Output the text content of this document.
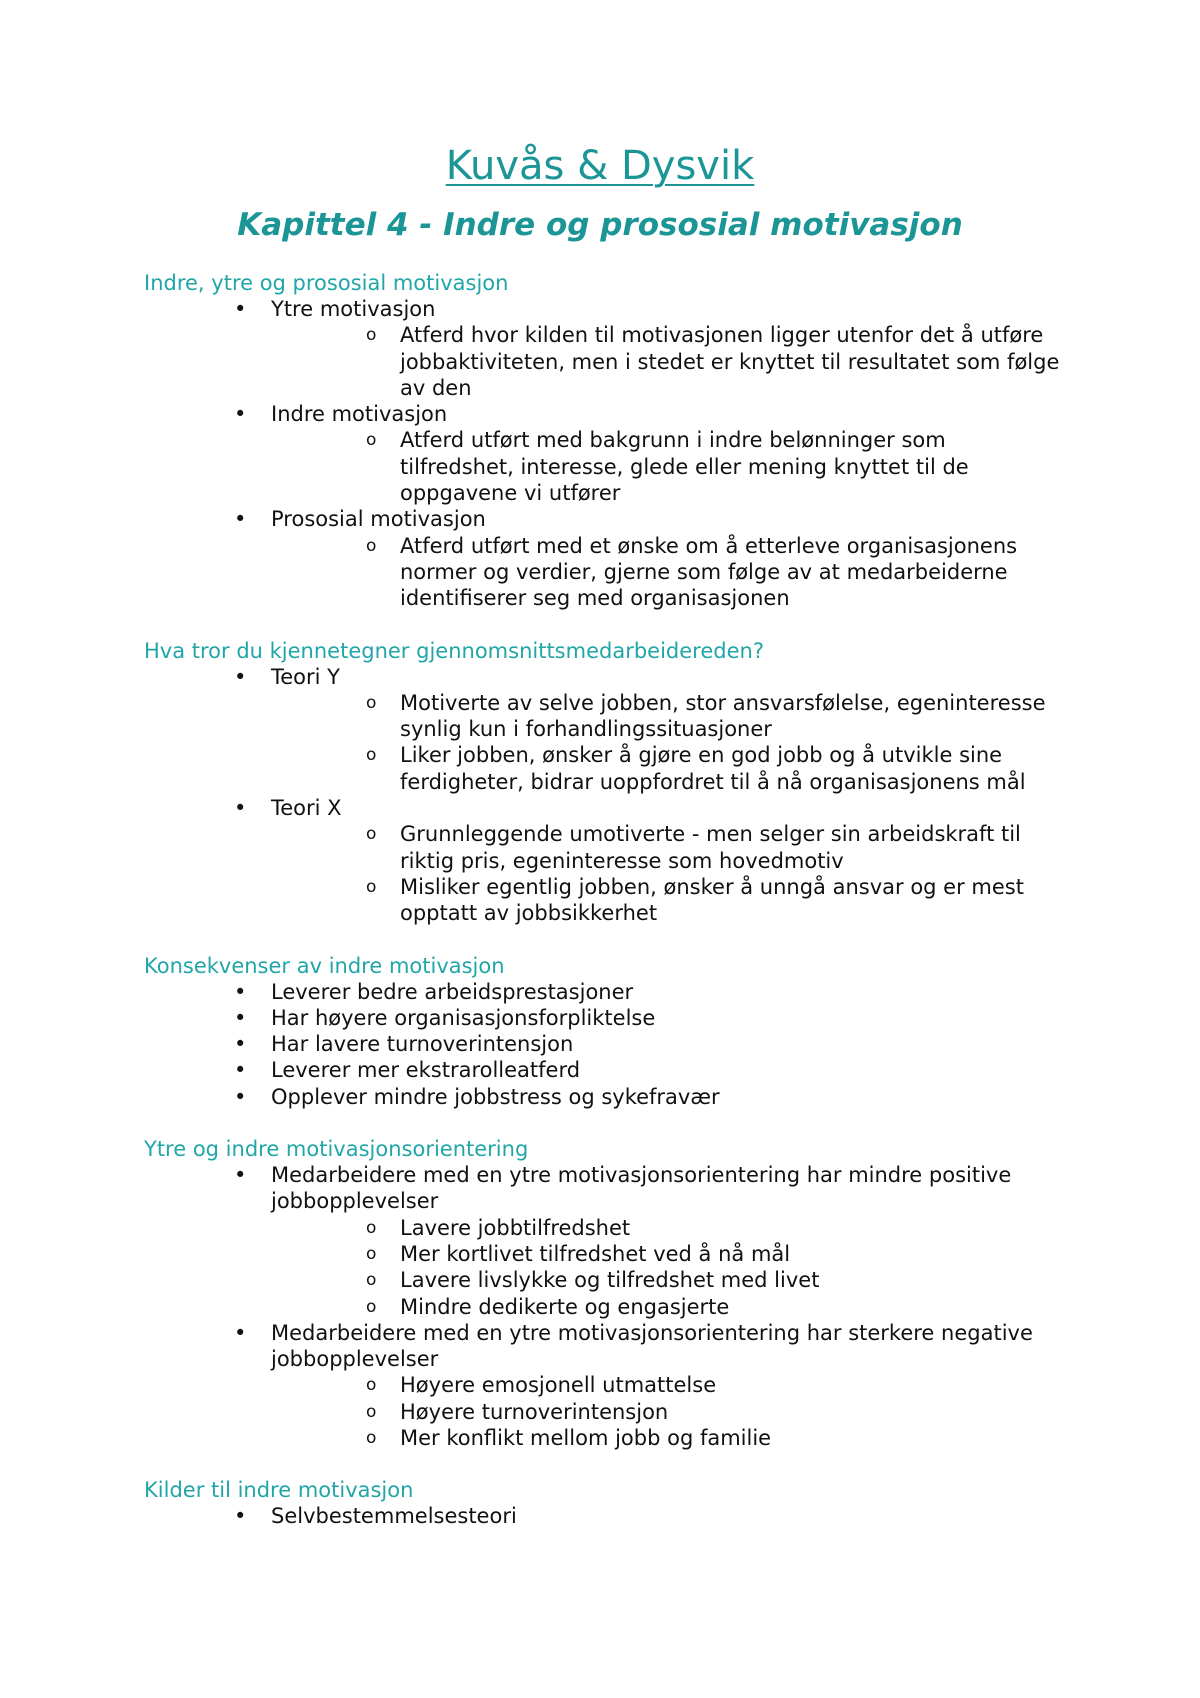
Kuvås & Dysvik
Kapittel 4 - Indre og prososial motivasjon
Indre, ytre og prososial motivasjon
• Ytre motivasjon
o Atferd hvor kilden til motivasjonen ligger utenfor det å utføre jobbaktiviteten, men i stedet er knyttet til resultatet som følge av den
• Indre motivasjon
o Atferd utført med bakgrunn i indre belønninger som tilfredshet, interesse, glede eller mening knyttet til de oppgavene vi utfører
• Prososial motivasjon
o Atferd utført med et ønske om å etterleve organisasjonens normer og verdier, gjerne som følge av at medarbeiderne identifiserer seg med organisasjonen
Hva tror du kjennetegner gjennomsnittsmedarbeidereden?
• Teori Y
o Motiverte av selve jobben, stor ansvarsfølelse, egeninteresse synlig kun i forhandlingssituasjoner
o Liker jobben, ønsker å gjøre en god jobb og å utvikle sine ferdigheter, bidrar uoppfordret til å nå organisasjonens mål
• Teori X
o Grunnleggende umotiverte - men selger sin arbeidskraft til riktig pris, egeninteresse som hovedmotiv
o Misliker egentlig jobben, ønsker å unngå ansvar og er mest opptatt av jobbsikkerhet
Konsekvenser av indre motivasjon
• Leverer bedre arbeidsprestasjoner
• Har høyere organisasjonsforpliktelse
• Har lavere turnoverintensjon
• Leverer mer ekstrarolleatferd
• Opplever mindre jobbstress og sykefravær
Ytre og indre motivasjonsorientering
• Medarbeidere med en ytre motivasjonsorientering har mindre positive jobbopplevelser
o Lavere jobbtilfredshet
o Mer kortlivet tilfredshet ved å nå mål
o Lavere livslykke og tilfredshet med livet
o Mindre dedikerte og engasjerte
• Medarbeidere med en ytre motivasjonsorientering har sterkere negative jobbopplevelser
o Høyere emosjonell utmattelse
o Høyere turnoverintensjon
o Mer konflikt mellom jobb og familie
Kilder til indre motivasjon
• Selvbestemmelsesteori
